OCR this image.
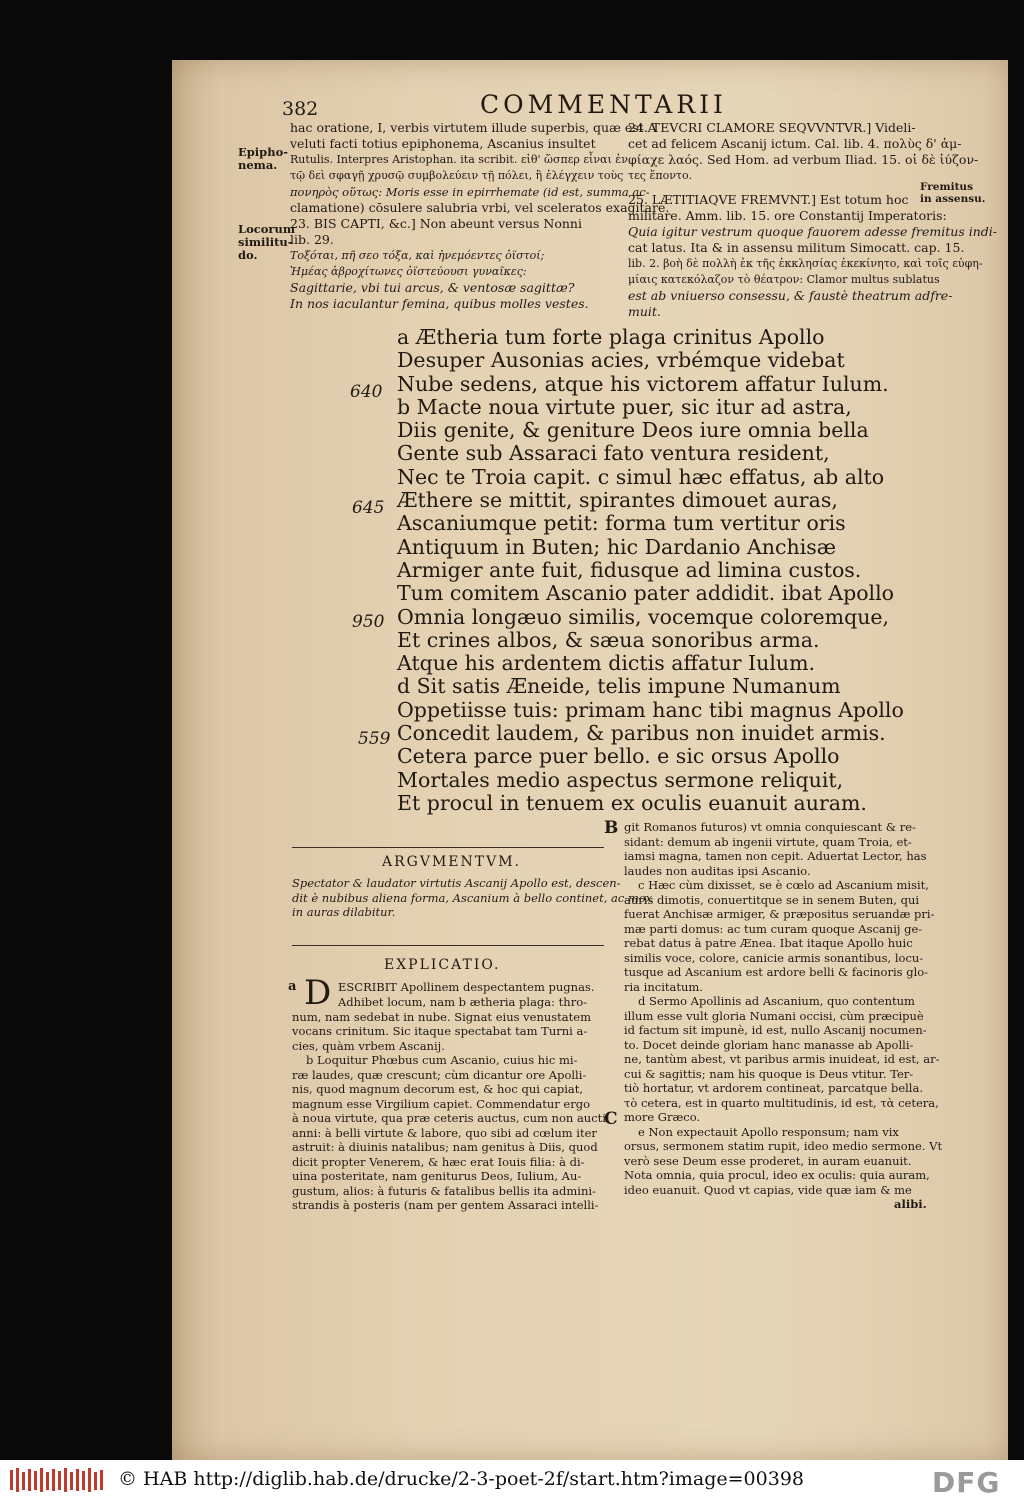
382	COMMENTARII
Epipho-
nema.
Locorum
similitu-
do.
Fremitus
in assensu.
hac oratione, I, verbis virtutem illude superbis, quæ est A
veluti facti totius epiphonema, Ascanius insultet
Rutulis. Interpres Aristophan. ita scribit. εἰθ' ὥσπερ εἶναι ἐν
τῷ δεὶ σφαγῇ χρυσῷ συμβολεύειν τῇ πόλει, ἢ ἐλέγχειν τοὺς
πονηρὸς οὕτως: Moris esse in epirrhemate (id est, summa ac-
clamatione) cōsulere salubria vrbi, vel sceleratos exagitare.
23. BIS CAPTI, &c.] Non abeunt versus Nonni
lib. 29.
Τοξόται, πῆ σεο τόξα, καὶ ἠνεμόεντες ὀϊστοί;
Ἡμέας ἁβροχίτωνες ὀϊστεύουσι γυναῖκες:
Sagittarie, vbi tui arcus, & ventosæ sagittæ?
In nos iaculantur femina, quibus molles vestes.
24. TEVCRI CLAMORE SEQVVNTVR.] Videli-
cet ad felicem Ascanij ictum. Cal. lib. 4. πολὺς δ' ἀμ-
φίαχε λαός. Sed Hom. ad verbum Iliad. 15. οἱ δὲ ἰύζον-
τες ἕποντο.
25. LÆTITIAQVE FREMVNT.] Est totum hoc
militare. Amm. lib. 15. ore Constantij Imperatoris:
Quia igitur vestrum quoque fauorem adesse fremitus indi-
cat latus. Ita & in assensu militum Simocatt. cap. 15.
lib. 2. βοὴ δὲ πολλὴ ἐκ τῆς ἐκκλησίας ἐκεκίνητο, καὶ τοῖς εὐφη-
μίαις κατεκόλαζον τὸ θέατρον: Clamor multus sublatus
est ab vniuerso consessu, & faustè theatrum adfre-
muit.
640
645
950
559
a Ætheria tum forte plaga crinitus Apollo
Desuper Ausonias acies, vrbémque videbat
Nube sedens, atque his victorem affatur Iulum.
b Macte noua virtute puer, sic itur ad astra,
Diis genite, & geniture Deos iure omnia bella
Gente sub Assaraci fato ventura resident,
Nec te Troia capit. c simul hæc effatus, ab alto
Æthere se mittit, spirantes dimouet auras,
Ascaniumque petit: forma tum vertitur oris
Antiquum in Buten; hic Dardanio Anchisæ
Armiger ante fuit, fidusque ad limina custos.
Tum comitem Ascanio pater addidit. ibat Apollo
Omnia longæuo similis, vocemque coloremque,
Et crines albos, & sæua sonoribus arma.
Atque his ardentem dictis affatur Iulum.
d Sit satis Æneide, telis impune Numanum
Oppetiisse tuis: primam hanc tibi magnus Apollo
Concedit laudem, & paribus non inuidet armis.
Cetera parce puer bello. e sic orsus Apollo
Mortales medio aspectus sermone reliquit,
Et procul in tenuem ex oculis euanuit auram.
ARGVMENTVM.
Spectator & laudator virtutis Ascanij Apollo est, descen-
dit è nubibus aliena forma, Ascanium à bello continet, ac mox
in auras dilabitur.
EXPLICATIO.
a D ESCRIBIT Apollinem despectantem pugnas.
Adhibet locum, nam b ætheria plaga: thro-
num, nam sedebat in nube. Signat eius venustatem
vocans crinitum. Sic itaque spectabat tam Turni a-
cies, quàm vrbem Ascanij.
b Loquitur Phœbus cum Ascanio, cuius hic mi-
ræ laudes, quæ crescunt; cùm dicantur ore Apolli-
nis, quod magnum decorum est, & hoc qui capiat,
magnum esse Virgilium capiet. Commendatur ergo
à noua virtute, qua præ ceteris auctus, cum non aucti
anni: à belli virtute & labore, quo sibi ad cœlum iter
astruit: à diuinis natalibus; nam genitus à Diis, quod
dicit propter Venerem, & hæc erat Iouis filia: à di-
uina posteritate, nam geniturus Deos, Iulium, Au-
gustum, alios: à futuris & fatalibus bellis ita admini-
strandis à posteris (nam per gentem Assaraci intelli-
B
C
git Romanos futuros) vt omnia conquiescant & re-
sidant: demum ab ingenii virtute, quam Troia, et-
iamsi magna, tamen non cepit. Aduertat Lector, has
laudes non auditas ipsi Ascanio.
c Hæc cùm dixisset, se è cœlo ad Ascanium misit,
auris dimotis, conuertitque se in senem Buten, qui
fuerat Anchisæ armiger, & præpositus seruandæ pri-
mæ parti domus: ac tum curam quoque Ascanij ge-
rebat datus à patre Ænea. Ibat itaque Apollo huic
similis voce, colore, canicie armis sonantibus, locu-
tusque ad Ascanium est ardore belli & facinoris glo-
ria incitatum.
d Sermo Apollinis ad Ascanium, quo contentum
illum esse vult gloria Numani occisi, cùm præcipuè
id factum sit impunè, id est, nullo Ascanij nocumen-
to. Docet deinde gloriam hanc manasse ab Apolli-
ne, tantùm abest, vt paribus armis inuideat, id est, ar-
cui & sagittis; nam his quoque is Deus vtitur. Ter-
tiò hortatur, vt ardorem contineat, parcatque bella.
τὸ cetera, est in quarto multitudinis, id est, τὰ cetera,
more Græco.
e Non expectauit Apollo responsum; nam vix
orsus, sermonem statim rupit, ideo medio sermone. Vt
verò sese Deum esse proderet, in auram euanuit.
Nota omnia, quia procul, ideo ex oculis: quia auram,
ideo euanuit. Quod vt capias, vide quæ iam & me
alibi.
© HAB http://diglib.hab.de/drucke/2-3-poet-2f/start.htm?image=00398	DFG
